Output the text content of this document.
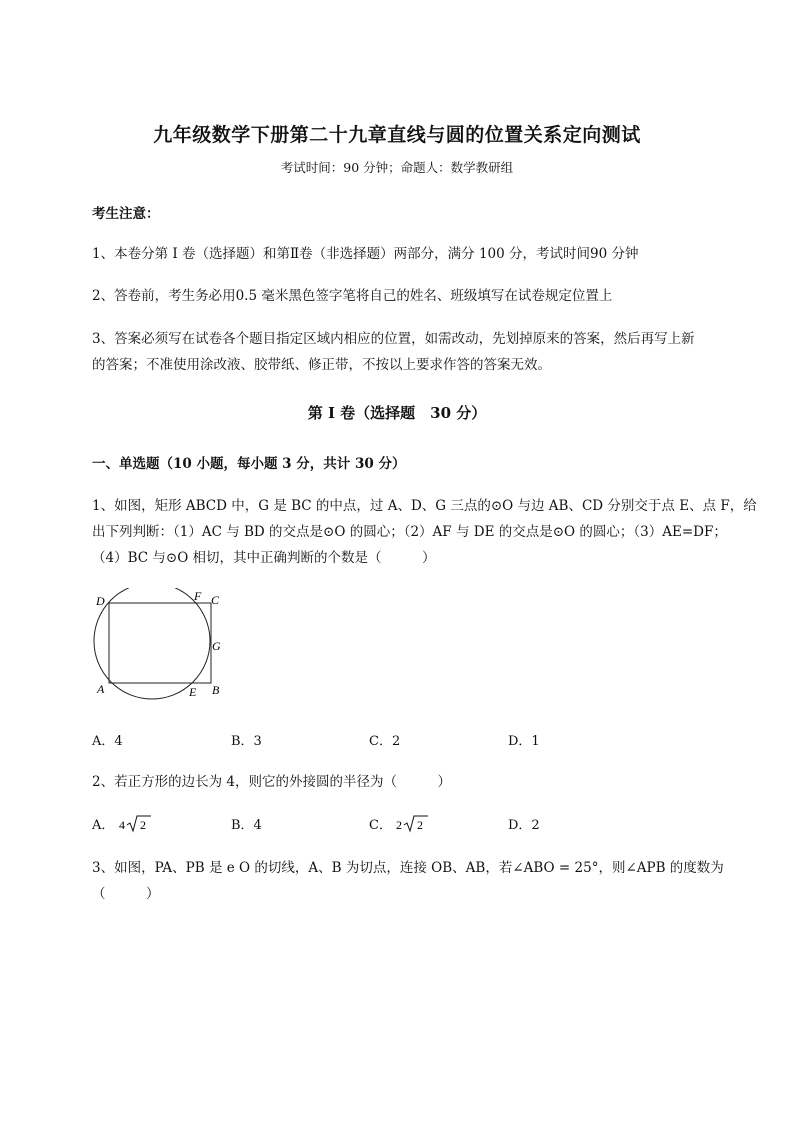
九年级数学下册第二十九章直线与圆的位置关系定向测试
考试时间：90 分钟；命题人：数学教研组
考生注意：
1、本卷分第 I 卷（选择题）和第Ⅱ卷（非选择题）两部分，满分 100 分，考试时间90 分钟
2、答卷前，考生务必用0.5 毫米黑色签字笔将自己的姓名、班级填写在试卷规定位置上
3、答案必须写在试卷各个题目指定区域内相应的位置，如需改动，先划掉原来的答案，然后再写上新
的答案；不准使用涂改液、胶带纸、修正带，不按以上要求作答的答案无效。
第 I 卷（选择题　30 分）
一、单选题（10 小题，每小题 3 分，共计 30 分）
1、如图，矩形 ABCD 中，G 是 BC 的中点，过 A、D、G 三点的⊙O 与边 AB、CD 分别交于点 E、点 F，给
出下列判断：（1）AC 与 BD 的交点是⊙O 的圆心；（2）AF 与 DE 的交点是⊙O 的圆心；（3）AE=DF；
（4）BC 与⊙O 相切，其中正确判断的个数是（　　　）
D	F C
G
A	E B
A．4	B．3	C．2	D．1
2、若正方形的边长为 4，则它的外接圆的半径为（　　　）
A． 4 2	B．4	C． 2 2	D．2
3、如图，PA、PB 是 e O 的切线，A、B 为切点，连接 OB、AB，若∠ABO = 25°，则∠APB 的度数为
（　　　）
